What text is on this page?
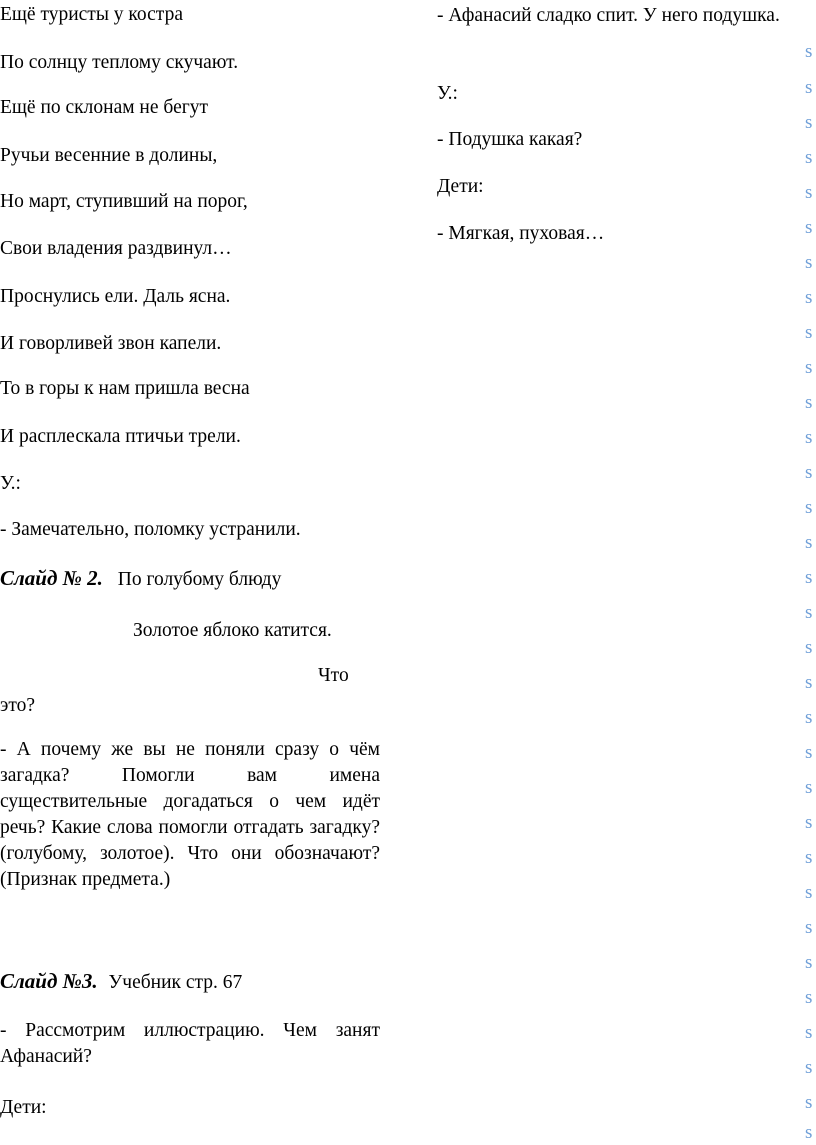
Ещё туристы у костра
По солнцу теплому скучают.
Ещё по склонам не бегут
Ручьи весенние в долины,
Но март, ступивший на порог,
Свои владения раздвинул…
Проснулись ели. Даль ясна.
И говорливей звон капели.
То в горы к нам пришла весна
И расплескала птичьи трели.
У.:
- Замечательно, поломку устранили.
Слайд № 2. По голубому блюду
Золотое яблоко катится.
Что
это?
- А почему же вы не поняли сразу о чём загадка? Помогли вам имена существительные догадаться о чем идёт речь? Какие слова помогли отгадать загадку? (голубому, золотое). Что они обозначают? (Признак предмета.)
Слайд №3. Учебник стр. 67
- Рассмотрим иллюстрацию. Чем занят Афанасий?
Дети:
- Афанасий сладко спит. У него подушка.
У.:
- Подушка какая?
Дети:
- Мягкая, пуховая…
s
s
s
s
s
s
s
s
s
s
s
s
s
s
s
s
s
s
s
s
s
s
s
s
s
s
s
s
s
s
s
s
